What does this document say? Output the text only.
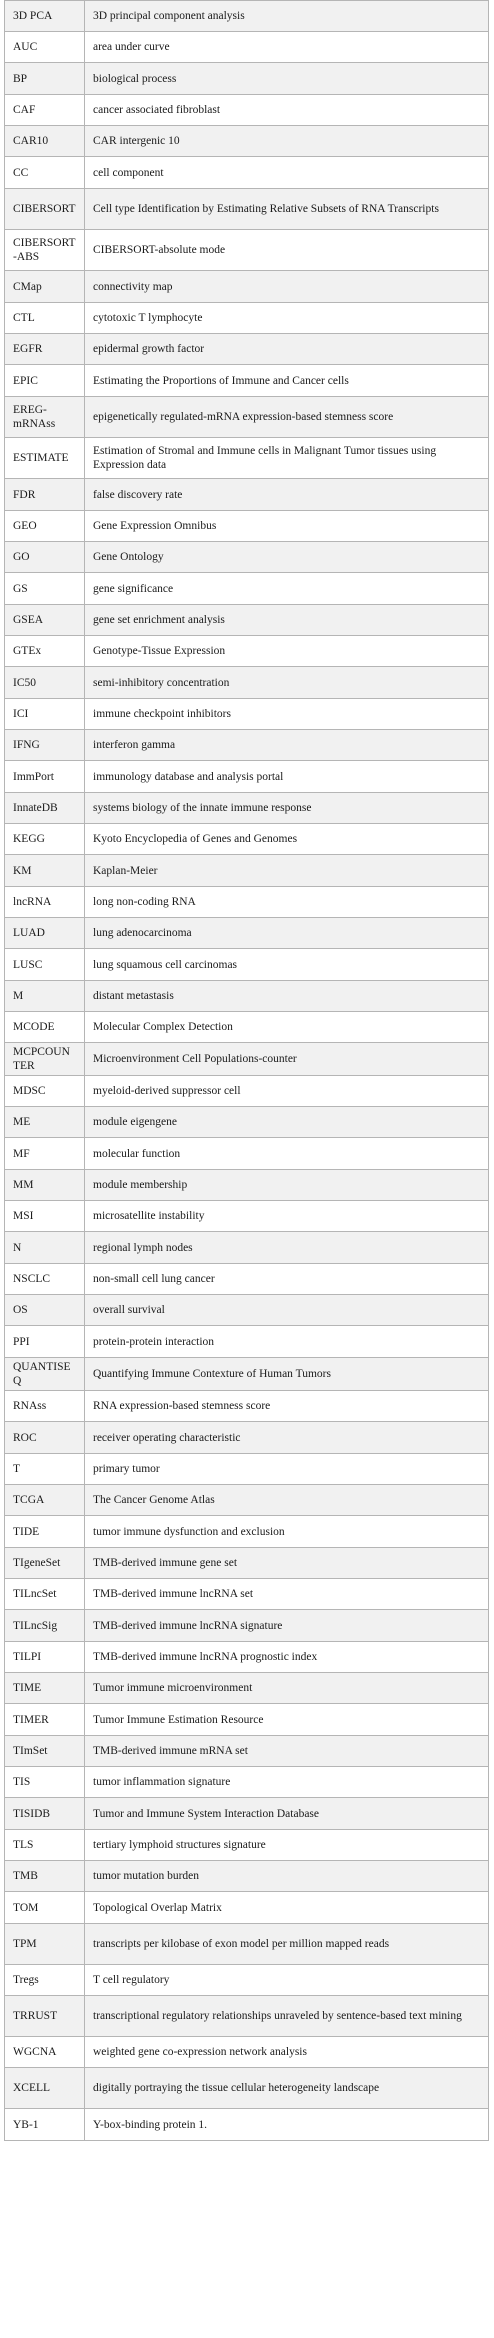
3D PCA	3D principal component analysis
AUC	area under curve
BP	biological process
CAF	cancer associated fibroblast
CAR10	CAR intergenic 10
CC	cell component
CIBERSORT	Cell type Identification by Estimating Relative Subsets of RNA Transcripts
CIBERSORT-ABS	CIBERSORT-absolute mode
CMap	connectivity map
CTL	cytotoxic T lymphocyte
EGFR	epidermal growth factor
EPIC	Estimating the Proportions of Immune and Cancer cells
EREG-mRNAss	epigenetically regulated-mRNA expression-based stemness score
ESTIMATE	Estimation of Stromal and Immune cells in Malignant Tumor tissues using Expression data
FDR	false discovery rate
GEO	Gene Expression Omnibus
GO	Gene Ontology
GS	gene significance
GSEA	gene set enrichment analysis
GTEx	Genotype-Tissue Expression
IC50	semi-inhibitory concentration
ICI	immune checkpoint inhibitors
IFNG	interferon gamma
ImmPort	immunology database and analysis portal
InnateDB	systems biology of the innate immune response
KEGG	Kyoto Encyclopedia of Genes and Genomes
KM	Kaplan-Meier
lncRNA	long non-coding RNA
LUAD	lung adenocarcinoma
LUSC	lung squamous cell carcinomas
M	distant metastasis
MCODE	Molecular Complex Detection
MCPCOUNTER	Microenvironment Cell Populations-counter
MDSC	myeloid-derived suppressor cell
ME	module eigengene
MF	molecular function
MM	module membership
MSI	microsatellite instability
N	regional lymph nodes
NSCLC	non-small cell lung cancer
OS	overall survival
PPI	protein-protein interaction
QUANTISEQ	Quantifying Immune Contexture of Human Tumors
RNAss	RNA expression-based stemness score
ROC	receiver operating characteristic
T	primary tumor
TCGA	The Cancer Genome Atlas
TIDE	tumor immune dysfunction and exclusion
TIgeneSet	TMB-derived immune gene set
TILncSet	TMB-derived immune lncRNA set
TILncSig	TMB-derived immune lncRNA signature
TILPI	TMB-derived immune lncRNA prognostic index
TIME	Tumor immune microenvironment
TIMER	Tumor Immune Estimation Resource
TImSet	TMB-derived immune mRNA set
TIS	tumor inflammation signature
TISIDB	Tumor and Immune System Interaction Database
TLS	tertiary lymphoid structures signature
TMB	tumor mutation burden
TOM	Topological Overlap Matrix
TPM	transcripts per kilobase of exon model per million mapped reads
Tregs	T cell regulatory
TRRUST	transcriptional regulatory relationships unraveled by sentence-based text mining
WGCNA	weighted gene co-expression network analysis
XCELL	digitally portraying the tissue cellular heterogeneity landscape
YB-1	Y-box-binding protein 1.
